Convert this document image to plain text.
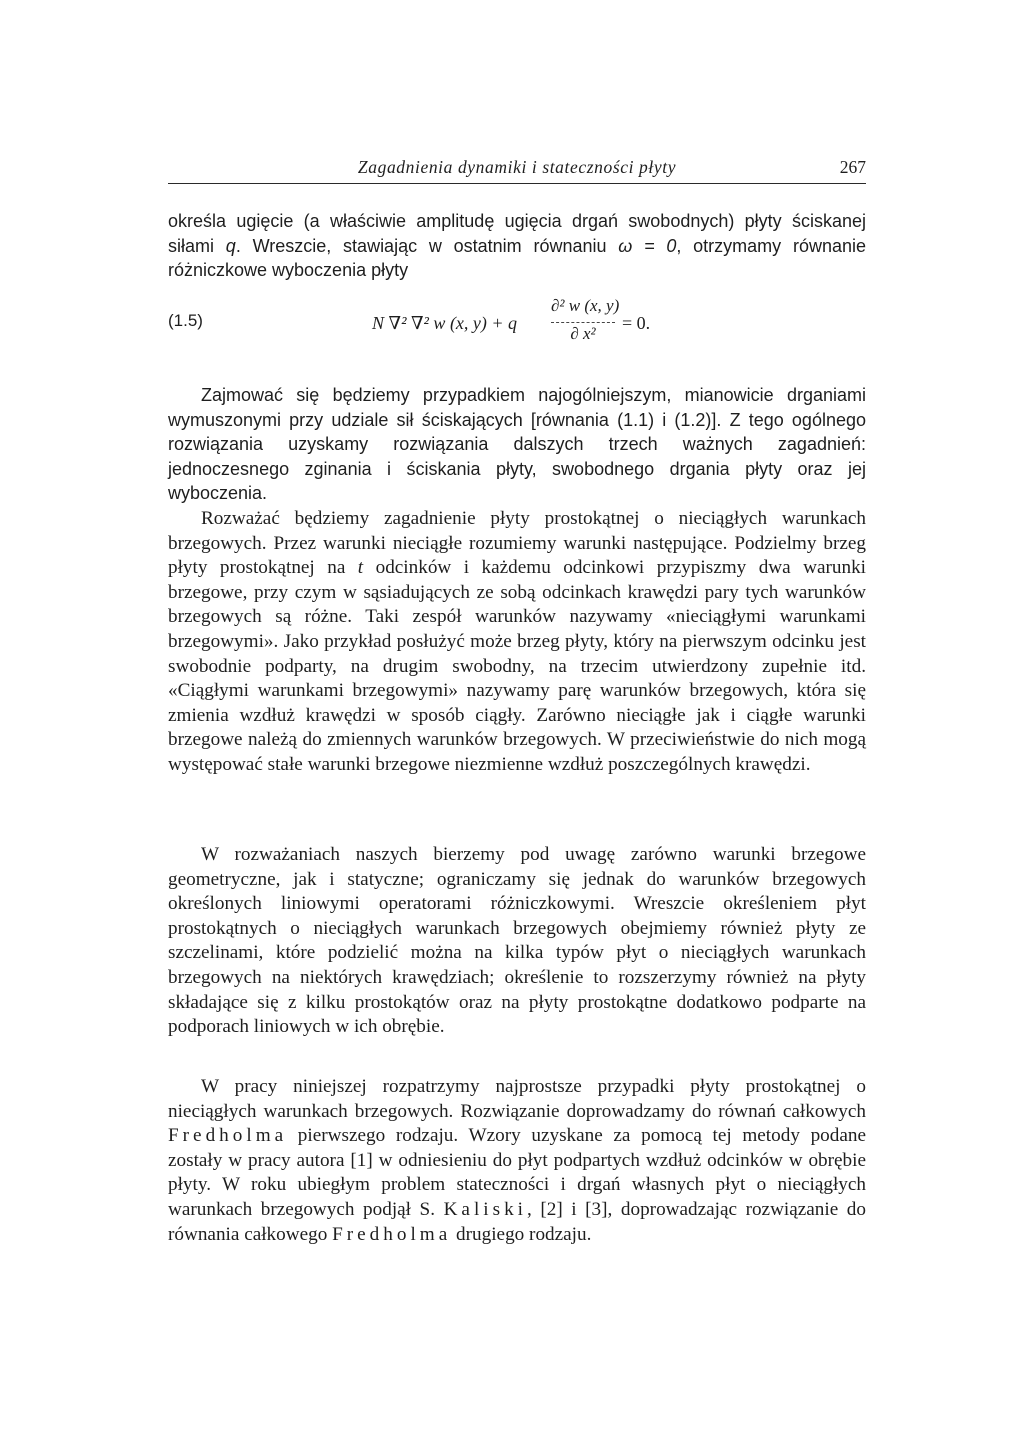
Zagadnienia dynamiki i stateczności płyty	267
określa ugięcie (a właściwie amplitudę ugięcia drgań swobodnych) płyty ściskanej siłami q. Wreszcie, stawiając w ostatnim równaniu ω = 0, otrzymamy równanie różniczkowe wyboczenia płyty
(1.5)	N ∇² ∇² w (x, y) + q
∂² w (x, y)
∂ x²
= 0.
Zajmować się będziemy przypadkiem najogólniejszym, mianowicie drganiami wymuszonymi przy udziale sił ściskających [równania (1.1) i (1.2)]. Z tego ogólnego rozwiązania uzyskamy rozwiązania dalszych trzech ważnych zagadnień: jednoczesnego zginania i ściskania płyty, swobodnego drgania płyty oraz jej wyboczenia.
Rozważać będziemy zagadnienie płyty prostokątnej o nieciągłych warunkach brzegowych. Przez warunki nieciągłe rozumiemy warunki następujące. Podzielmy brzeg płyty prostokątnej na t odcinków i każdemu odcinkowi przypiszmy dwa warunki brzegowe, przy czym w sąsiadujących ze sobą odcinkach krawędzi pary tych warunków brzegowych są różne. Taki zespół warunków nazywamy «nieciągłymi warunkami brzegowymi». Jako przykład posłużyć może brzeg płyty, który na pierwszym odcinku jest swobodnie podparty, na drugim swobodny, na trzecim utwierdzony zupełnie itd. «Ciągłymi warunkami brzegowymi» nazywamy parę warunków brzegowych, która się zmienia wzdłuż krawędzi w sposób ciągły. Zarówno nieciągłe jak i ciągłe warunki brzegowe należą do zmiennych warunków brzegowych. W przeciwieństwie do nich mogą występować stałe warunki brzegowe niezmienne wzdłuż poszczególnych krawędzi.
W rozważaniach naszych bierzemy pod uwagę zarówno warunki brzegowe geometryczne, jak i statyczne; ograniczamy się jednak do warunków brzegowych określonych liniowymi operatorami różniczkowymi. Wreszcie określeniem płyt prostokątnych o nieciągłych warunkach brzegowych obejmiemy również płyty ze szczelinami, które podzielić można na kilka typów płyt o nieciągłych warunkach brzegowych na niektórych krawędziach; określenie to rozszerzymy również na płyty składające się z kilku prostokątów oraz na płyty prostokątne dodatkowo podparte na podporach liniowych w ich obrębie.
W pracy niniejszej rozpatrzymy najprostsze przypadki płyty prostokątnej o nieciągłych warunkach brzegowych. Rozwiązanie doprowadzamy do równań całkowych Fredholma pierwszego rodzaju. Wzory uzyskane za pomocą tej metody podane zostały w pracy autora [1] w odniesieniu do płyt podpartych wzdłuż odcinków w obrębie płyty. W roku ubiegłym problem stateczności i drgań własnych płyt o nieciągłych warunkach brzegowych podjął S. Kaliski, [2] i [3], doprowadzając rozwiązanie do równania całkowego Fredholma drugiego rodzaju.
